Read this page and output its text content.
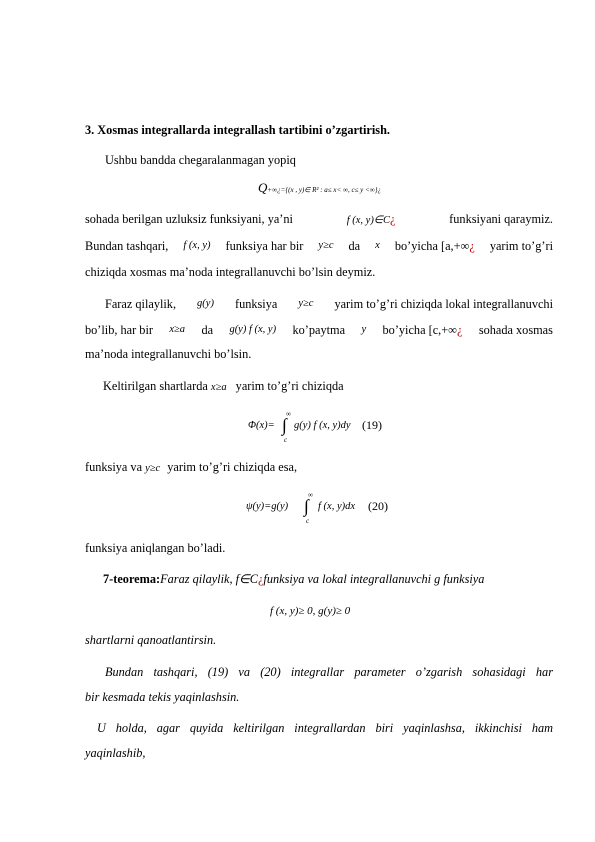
3. Xosmas integrallarda integrallash tartibini o’zgartirish.
Ushbu bandda chegaralanmagan yopiq
Q+∞¿={(x , y)∈ R² : a≤ x< ∞, c≤ y <∞}¿
sohada berilgan uzluksiz funksiyani, ya’ni	f (x, y)∈C¿	funksiyani qaraymiz.
Bundan tashqari, f (x, y) funksiya har bir y≥c da x bo’yicha [a,+∞¿ yarim to’g’ri
chiziqda xosmas ma’noda integrallanuvchi bo’lsin deymiz.
Faraz qilaylik, g(y) funksiya y≥c yarim to’g’ri chiziqda lokal integrallanuvchi
bo’lib, har bir x≥a da g(y) f (x, y) ko’paytma y bo’yicha [c,+∞¿ sohada xosmas
ma’noda integrallanuvchi bo’lsin.
Keltirilgan shartlarda x≥a yarim to’g’ri chiziqda
Φ(x)= ∫
∞
c
g(y) f (x, y)dy (19)
funksiya va y≥c yarim to’g’ri chiziqda esa,
ψ(y)=g(y) ∫
∞
c
f (x, y)dx (20)
funksiya aniqlangan bo’ladi.
7-teorema:Faraz qilaylik, f∈C¿funksiya va lokal integrallanuvchi g funksiya
f (x, y)≥ 0, g(y)≥ 0
shartlarni qanoatlantirsin.
Bundan tashqari, (19) va (20) integrallar parameter o’zgarish sohasidagi har
bir kesmada tekis yaqinlashsin.
U holda, agar quyida keltirilgan integrallardan biri yaqinlashsa, ikkinchisi ham
yaqinlashib,
